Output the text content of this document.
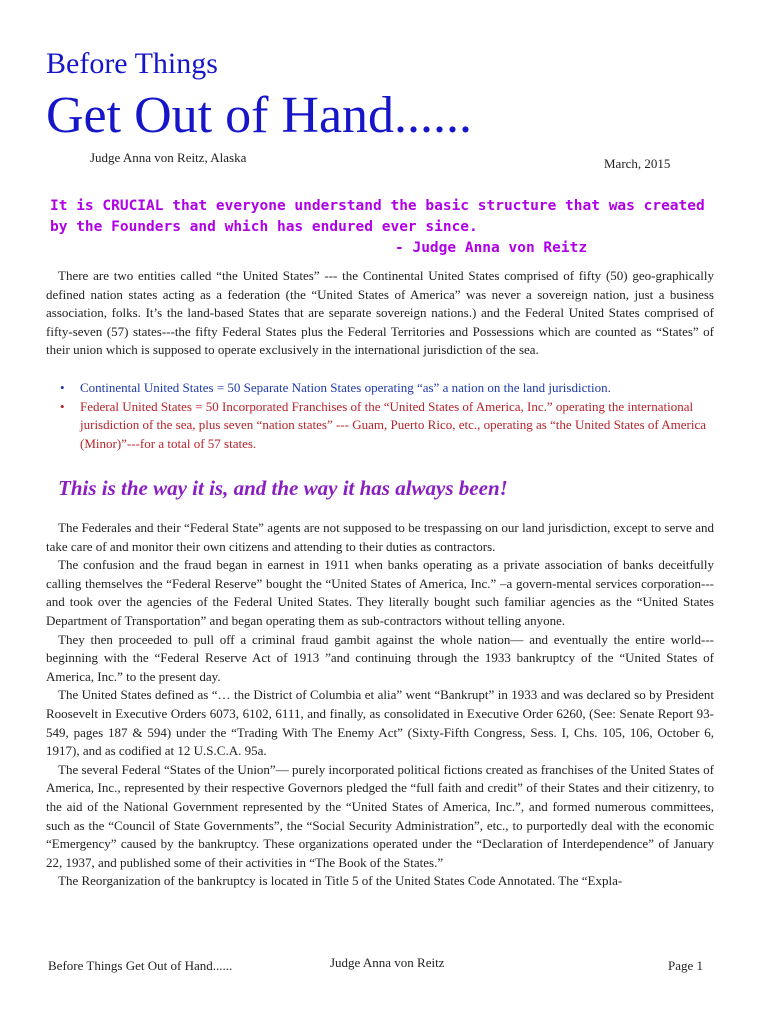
Before Things
Get Out of Hand......
Judge Anna von Reitz, Alaska	March, 2015

It is CRUCIAL that everyone understand the basic structure that was created

by the Founders and which has endured ever since.

- Judge Anna von Reitz

There are two entities called “the United States” --- the Continental United States comprised of fifty (50) geo-graphically defined nation states acting as a federation (the “United States of America” was never a sovereign nation, just a business association, folks. It’s the land-based States that are separate sovereign nations.) and the Federal United States comprised of fifty-seven (57) states---the fifty Federal States plus the Federal Territories and Possessions which are counted as “States” of their union which is supposed to operate exclusively in the international jurisdiction of the sea.

• Continental United States = 50 Separate Nation States operating “as” a nation on the land jurisdiction.
• Federal United States = 50 Incorporated Franchises of the “United States of America, Inc.” operating the international jurisdiction of the sea, plus seven “nation states” --- Guam, Puerto Rico, etc., operating as “the United States of America (Minor)”---for a total of 57 states.
This is the way it is, and the way it has always been!

The Federales and their “Federal State” agents are not supposed to be trespassing on our land jurisdiction, except to serve and take care of and monitor their own citizens and attending to their duties as contractors.

The confusion and the fraud began in earnest in 1911 when banks operating as a private association of banks deceitfully calling themselves the “Federal Reserve” bought the “United States of America, Inc.” –a govern-mental services corporation---and took over the agencies of the Federal United States. They literally bought such familiar agencies as the “United States Department of Transportation” and began operating them as sub-contractors without telling anyone.

They then proceeded to pull off a criminal fraud gambit against the whole nation— and eventually the entire world--- beginning with the “Federal Reserve Act of 1913 ”and continuing through the 1933 bankruptcy of the “United States of America, Inc.” to the present day.

The United States defined as “… the District of Columbia et alia” went “Bankrupt” in 1933 and was declared so by President Roosevelt in Executive Orders 6073, 6102, 6111, and finally, as consolidated in Executive Order 6260, (See: Senate Report 93-549, pages 187 & 594) under the “Trading With The Enemy Act” (Sixty-Fifth Congress, Sess. I, Chs. 105, 106, October 6, 1917), and as codified at 12 U.S.C.A. 95a.

The several Federal “States of the Union”— purely incorporated political fictions created as franchises of the United States of America, Inc., represented by their respective Governors pledged the “full faith and credit” of their States and their citizenry, to the aid of the National Government represented by the “United States of America, Inc.”, and formed numerous committees, such as the “Council of State Governments”, the “Social Security Administration”, etc., to purportedly deal with the economic “Emergency” caused by the bankruptcy. These organizations operated under the “Declaration of Interdependence” of January 22, 1937, and published some of their activities in “The Book of the States.”

The Reorganization of the bankruptcy is located in Title 5 of the United States Code Annotated. The “Expla-

Before Things Get Out of Hand......	Judge Anna von Reitz	Page 1
